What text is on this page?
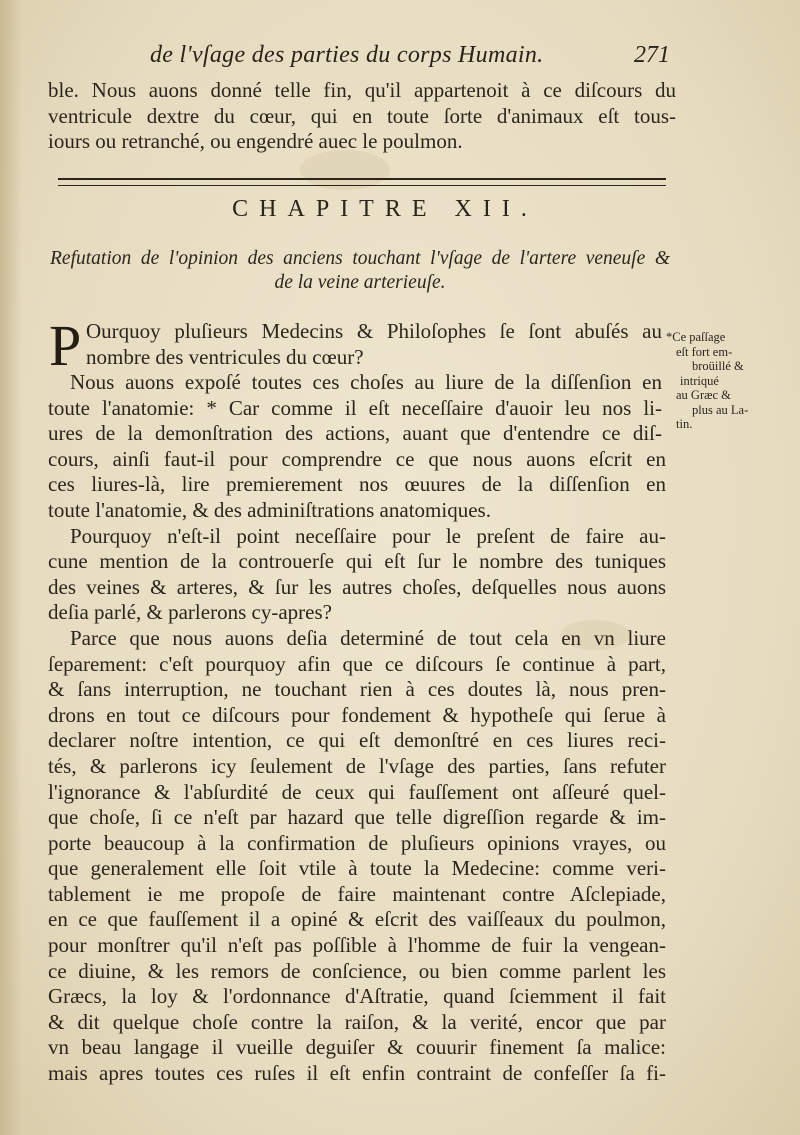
de l'vſage des parties du corps Humain.	271
ble. Nous auons donné telle fin, qu'il appartenoit à ce diſcours du
ventricule dextre du cœur, qui en toute ſorte d'animaux eſt tous-
iours ou retranché, ou engendré auec le poulmon.
CHAPITRE XII.
Refutation de l'opinion des anciens touchant l'vſage de l'artere veneuſe &
de la veine arterieuſe.
P Ourquoy pluſieurs Medecins & Philoſophes ſe ſont abuſés au
nombre des ventricules du cœur?
Nous auons expoſé toutes ces choſes au liure de la diſſenſion en
toute l'anatomie: * Car comme il eſt neceſſaire d'auoir leu nos li-
ures de la demonſtration des actions, auant que d'entendre ce diſ-
cours, ainſi faut-il pour comprendre ce que nous auons eſcrit en
ces liures-là, lire premierement nos œuures de la diſſenſion en
toute l'anatomie, & des adminiſtrations anatomiques.
Pourquoy n'eſt-il point neceſſaire pour le preſent de faire au-
cune mention de la controuerſe qui eſt ſur le nombre des tuniques
des veines & arteres, & ſur les autres choſes, deſquelles nous auons
deſia parlé, & parlerons cy-apres?
Parce que nous auons deſia determiné de tout cela en vn liure
ſeparement: c'eſt pourquoy afin que ce diſcours ſe continue à part,
& ſans interruption, ne touchant rien à ces doutes là, nous pren-
drons en tout ce diſcours pour fondement & hypotheſe qui ſerue à
declarer noſtre intention, ce qui eſt demonſtré en ces liures reci-
tés, & parlerons icy ſeulement de l'vſage des parties, ſans refuter
l'ignorance & l'abſurdité de ceux qui fauſſement ont aſſeuré quel-
que choſe, ſi ce n'eſt par hazard que telle digreſſion regarde & im-
porte beaucoup à la confirmation de pluſieurs opinions vrayes, ou
que generalement elle ſoit vtile à toute la Medecine: comme veri-
tablement ie me propoſe de faire maintenant contre Aſclepiade,
en ce que fauſſement il a opiné & eſcrit des vaiſſeaux du poulmon,
pour monſtrer qu'il n'eſt pas poſſible à l'homme de fuir la vengean-
ce diuine, & les remors de conſcience, ou bien comme parlent les
Græcs, la loy & l'ordonnance d'Aſtratie, quand ſciemment il fait
& dit quelque choſe contre la raiſon, & la verité, encor que par
vn beau langage il vueille deguiſer & couurir finement ſa malice:
mais apres toutes ces ruſes il eſt enfin contraint de confeſſer ſa fi-
*Ce paſſage
eſt fort em-
broüillé &
intriqué
au Græc &
plus au La-
tin.
